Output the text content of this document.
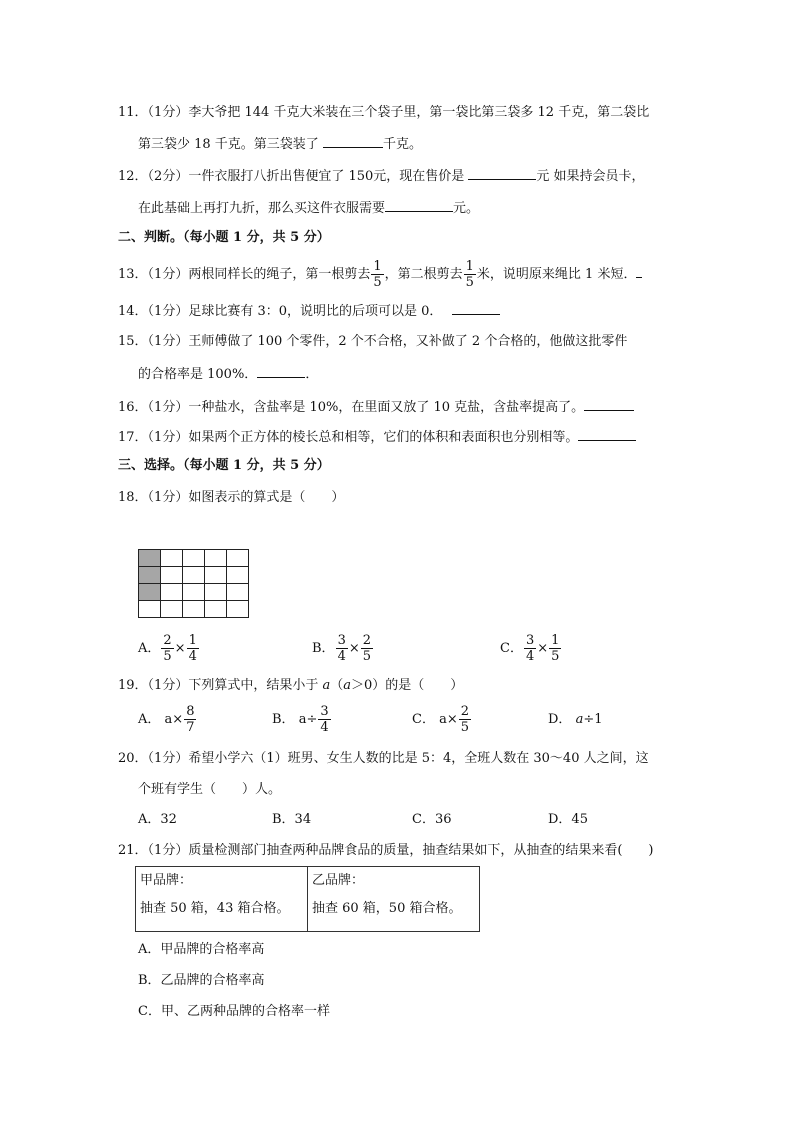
11．（1分）李大爷把 144 千克大米装在三个袋子里，第一袋比第三袋多 12 千克，第二袋比
第三袋少 18 千克。第三袋装了	千克。
12．（2分）一件衣服打八折出售便宜了 150元，现在售价是	元 如果持会员卡，
在此基础上再打九折，那么买这件衣服需要	元。
二、判断。（每小题 1 分，共 5 分）
13．（1分）两根同样长的绳子，第一根剪去 $\frac{1}{5}$ ，第二根剪去 $\frac{1}{5}$ 米，说明原来绳比 1 米短．
14．（1分）足球比赛有 3：0，说明比的后项可以是 0．
15．（1分）王师傅做了 100 个零件，2 个不合格，又补做了 2 个合格的，他做这批零件
的合格率是 100%．	．
16．（1分）一种盐水，含盐率是 10%，在里面又放了 10 克盐，含盐率提高了。
17．（1分）如果两个正方体的棱长总和相等，它们的体积和表面积也分别相等。
三、选择。（每小题 1 分，共 5 分）
18．（1分）如图表示的算式是（　　）

A． $\frac{2}{5} \times \frac{1}{4}$	B． $\frac{3}{4} \times \frac{2}{5}$	C． $\frac{3}{4} \times \frac{1}{5}$
19．（1分）下列算式中，结果小于 a（a＞0）的是（　　）
A． $a\times \frac{8}{7}$	B． $a\div \frac{3}{4}$	C． $a\times \frac{2}{5}$	D． a÷1
20．（1分）希望小学六（1）班男、女生人数的比是 5：4，全班人数在 30～40 人之间，这
个班有学生（　　）人。
A．32	B．34	C．36	D．45
21．（1分）质量检测部门抽查两种品牌食品的质量，抽查结果如下，从抽查的结果来看(　　)
甲品牌：
抽查 50 箱，43 箱合格。

乙品牌：
抽查 60 箱，50 箱合格。
A．甲品牌的合格率高
B．乙品牌的合格率高
C．甲、乙两种品牌的合格率一样
